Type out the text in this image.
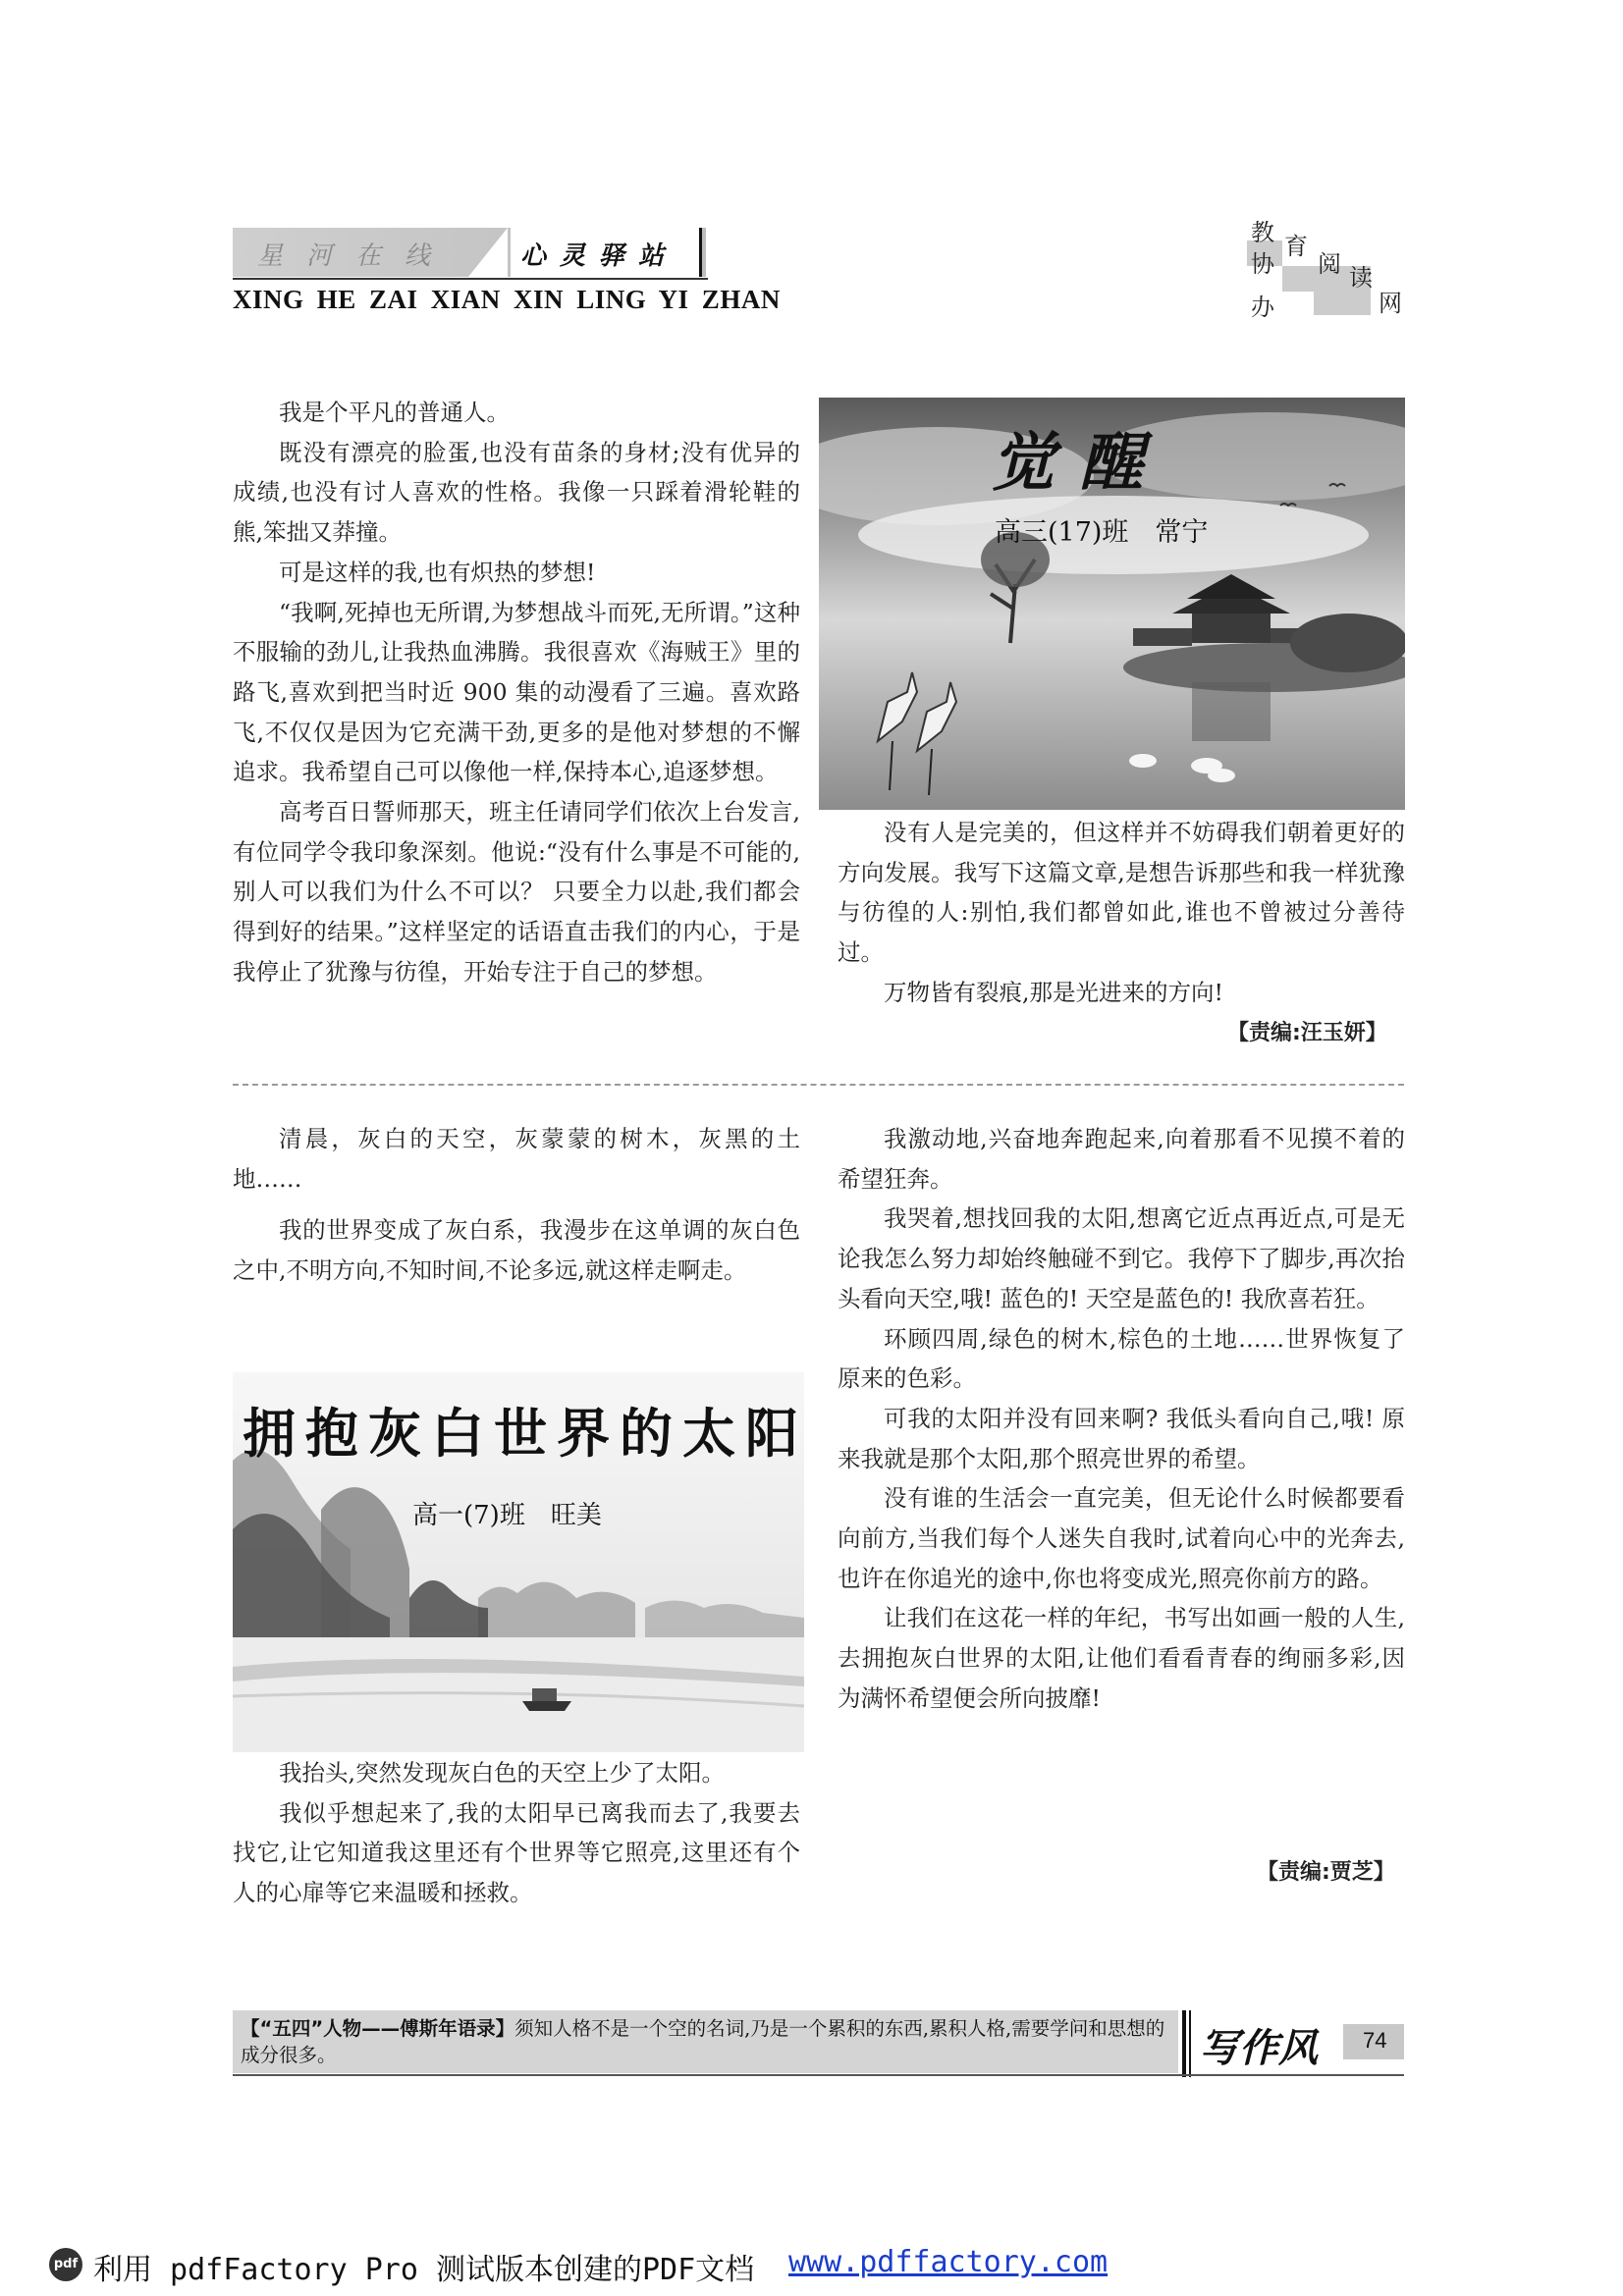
星河在线	心灵驿站
XING HE ZAI XIAN XIN LING YI ZHAN
教 育
协 阅 读
办	网

我是个平凡的普通人。

既没有漂亮的脸蛋,也没有苗条的身材;没有优异的成绩,也没有讨人喜欢的性格。我像一只踩着滑轮鞋的熊,笨拙又莽撞。

可是这样的我,也有炽热的梦想!

“我啊,死掉也无所谓,为梦想战斗而死,无所谓。”这种不服输的劲儿,让我热血沸腾。我很喜欢《海贼王》里的路飞,喜欢到把当时近 900 集的动漫看了三遍。喜欢路飞,不仅仅是因为它充满干劲,更多的是他对梦想的不懈追求。我希望自己可以像他一样,保持本心,追逐梦想。

高考百日誓师那天，班主任请同学们依次上台发言,有位同学令我印象深刻。他说:“没有什么事是不可能的,别人可以我们为什么不可以？ 只要全力以赴,我们都会得到好的结果。”这样坚定的话语直击我们的内心，于是我停止了犹豫与彷徨，开始专注于自己的梦想。

觉醒
高三(17)班　常宁

没有人是完美的，但这样并不妨碍我们朝着更好的方向发展。我写下这篇文章,是想告诉那些和我一样犹豫与彷徨的人:别怕,我们都曾如此,谁也不曾被过分善待过。

万物皆有裂痕,那是光进来的方向!

【责编:汪玉妍】

清晨，灰白的天空，灰蒙蒙的树木，灰黑的土地……

我的世界变成了灰白系，我漫步在这单调的灰白色之中,不明方向,不知时间,不论多远,就这样走啊走。

拥抱灰白世界的太阳
高一(7)班　旺美

我抬头,突然发现灰白色的天空上少了太阳。

我似乎想起来了,我的太阳早已离我而去了,我要去找它,让它知道我这里还有个世界等它照亮,这里还有个人的心扉等它来温暖和拯救。

我激动地,兴奋地奔跑起来,向着那看不见摸不着的希望狂奔。

我哭着,想找回我的太阳,想离它近点再近点,可是无论我怎么努力却始终触碰不到它。我停下了脚步,再次抬头看向天空,哦! 蓝色的! 天空是蓝色的! 我欣喜若狂。

环顾四周,绿色的树木,棕色的土地……世界恢复了原来的色彩。

可我的太阳并没有回来啊? 我低头看向自己,哦! 原来我就是那个太阳,那个照亮世界的希望。

没有谁的生活会一直完美，但无论什么时候都要看向前方,当我们每个人迷失自我时,试着向心中的光奔去,也许在你追光的途中,你也将变成光,照亮你前方的路。

让我们在这花一样的年纪，书写出如画一般的人生,去拥抱灰白世界的太阳,让他们看看青春的绚丽多彩,因为满怀希望便会所向披靡!

【责编:贾芝】
【“五四”人物——傅斯年语录】须知人格不是一个空的名词,乃是一个累积的东西,累积人格,需要学问和思想的成分很多。	写作风 74
pdf 利用 pdfFactory Pro 测试版本创建的PDF文档 www.pdffactory.com
